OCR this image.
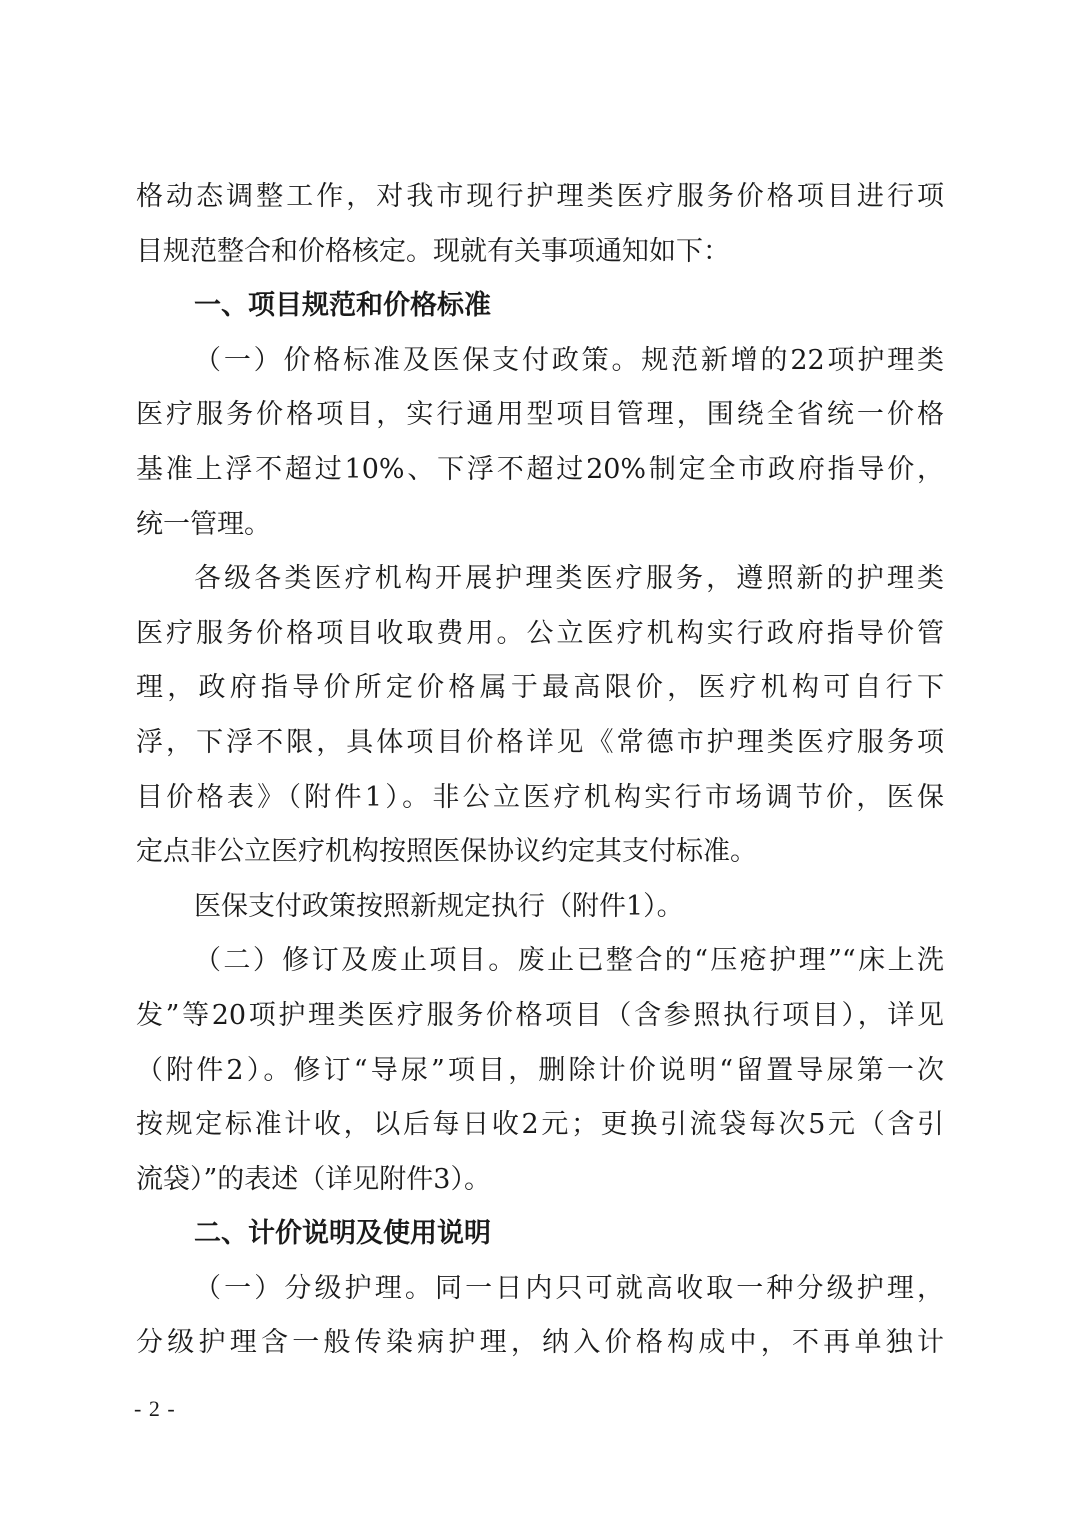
格动态调整工作，对我市现行护理类医疗服务价格项目进行项
目规范整合和价格核定。现就有关事项通知如下：
一、项目规范和价格标准
（一）价格标准及医保支付政策。规范新增的22项护理类
医疗服务价格项目，实行通用型项目管理，围绕全省统一价格
基准上浮不超过10%、下浮不超过20%制定全市政府指导价，
统一管理。
各级各类医疗机构开展护理类医疗服务，遵照新的护理类
医疗服务价格项目收取费用。公立医疗机构实行政府指导价管
理，政府指导价所定价格属于最高限价，医疗机构可自行下
浮，下浮不限，具体项目价格详见《常德市护理类医疗服务项
目价格表》（附件1）。非公立医疗机构实行市场调节价，医保
定点非公立医疗机构按照医保协议约定其支付标准。
医保支付政策按照新规定执行（附件1）。
（二）修订及废止项目。废止已整合的“压疮护理”“床上洗
发”等20项护理类医疗服务价格项目（含参照执行项目），详见
（附件2）。修订“导尿”项目，删除计价说明“留置导尿第一次
按规定标准计收，以后每日收2元；更换引流袋每次5元（含引
流袋）”的表述（详见附件3）。
二、计价说明及使用说明
（一）分级护理。同一日内只可就高收取一种分级护理，
分级护理含一般传染病护理，纳入价格构成中，不再单独计
- 2 -
